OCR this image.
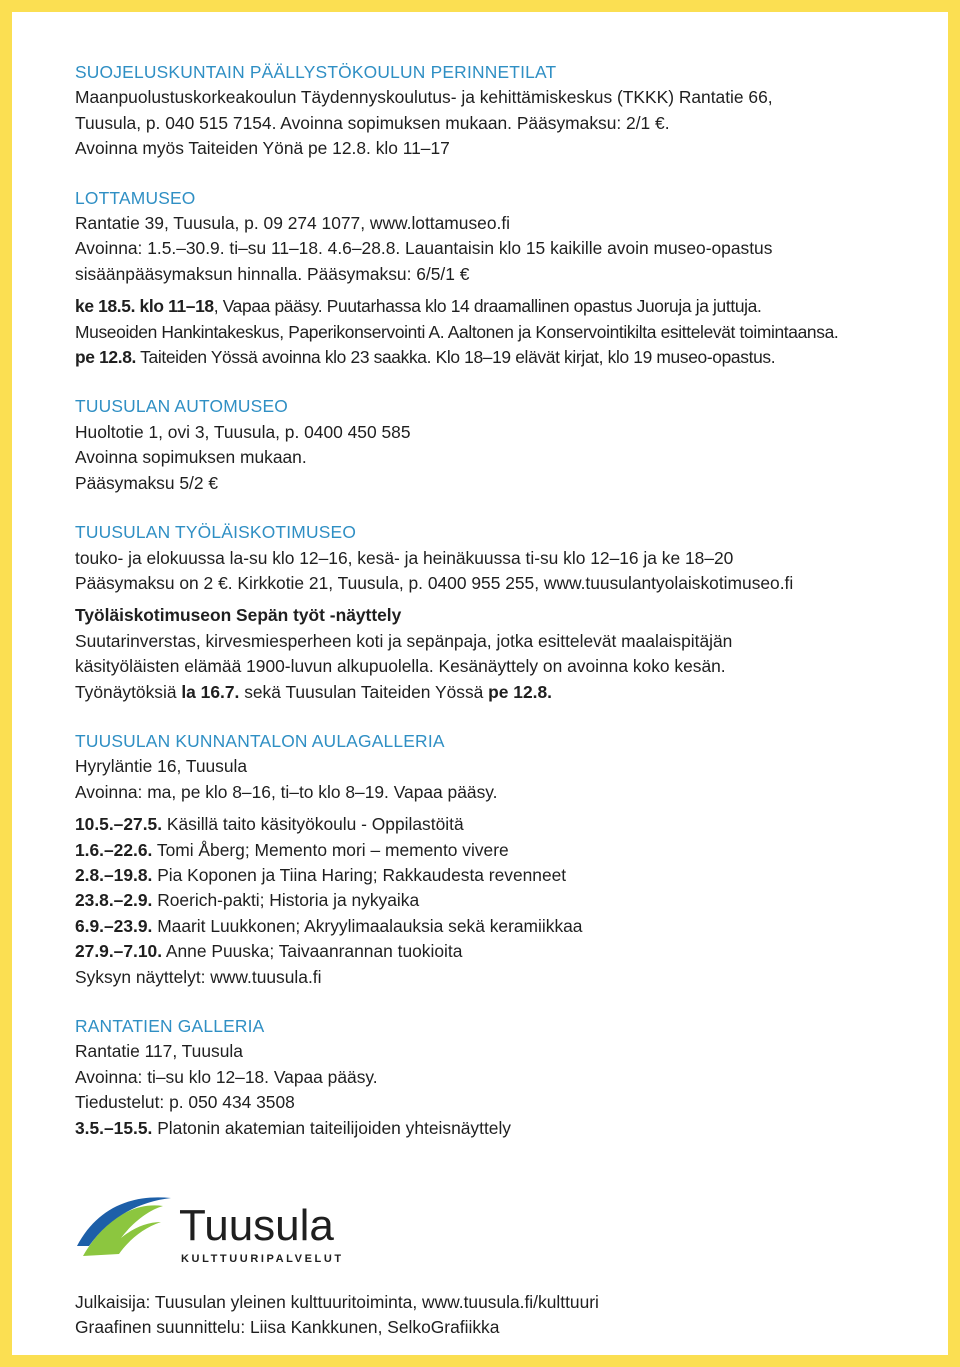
SUOJELUSKUNTAIN PÄÄLLYSTÖKOULUN PERINNETILAT
Maanpuolustuskorkeakoulun Täydennyskoulutus- ja kehittämiskeskus (TKKK) Rantatie 66,
Tuusula, p. 040 515 7154. Avoinna sopimuksen mukaan. Pääsymaksu: 2/1 €.
Avoinna myös Taiteiden Yönä pe 12.8. klo 11–17
LOTTAMUSEO
Rantatie 39, Tuusula, p. 09 274 1077, www.lottamuseo.fi
Avoinna: 1.5.–30.9. ti–su 11–18. 4.6–28.8. Lauantaisin klo 15 kaikille avoin museo-opastus
sisäänpääsymaksun hinnalla. Pääsymaksu: 6/5/1 €
ke 18.5. klo 11–18, Vapaa pääsy. Puutarhassa klo 14 draamallinen opastus Juoruja ja juttuja.
Museoiden Hankintakeskus, Paperikonservointi A. Aaltonen ja Konservointikilta esittelevät toimintaansa.
pe 12.8. Taiteiden Yössä avoinna klo 23 saakka. Klo 18–19 elävät kirjat, klo 19 museo-opastus.
TUUSULAN AUTOMUSEO
Huoltotie 1, ovi 3, Tuusula, p. 0400 450 585
Avoinna sopimuksen mukaan.
Pääsymaksu 5/2 €
TUUSULAN TYÖLÄISKOTIMUSEO
touko- ja elokuussa la-su klo 12–16, kesä- ja heinäkuussa ti-su klo 12–16 ja ke 18–20
Pääsymaksu on 2 €. Kirkkotie 21, Tuusula, p. 0400 955 255, www.tuusulantyolaiskotimuseo.fi
Työläiskotimuseon Sepän työt -näyttely
Suutarinverstas, kirvesmiesperheen koti ja sepänpaja, jotka esittelevät maalaispitäjän
käsityöläisten elämää 1900-luvun alkupuolella. Kesänäyttely on avoinna koko kesän.
Työnäytöksiä la 16.7. sekä Tuusulan Taiteiden Yössä pe 12.8.
TUUSULAN KUNNANTALON AULAGALLERIA
Hyryläntie 16, Tuusula
Avoinna: ma, pe klo 8–16, ti–to klo 8–19. Vapaa pääsy.
10.5.–27.5. Käsillä taito käsityökoulu - Oppilastöitä
1.6.–22.6. Tomi Åberg; Memento mori – memento vivere
2.8.–19.8. Pia Koponen ja Tiina Haring; Rakkaudesta revenneet
23.8.–2.9. Roerich-pakti; Historia ja nykyaika
6.9.–23.9. Maarit Luukkonen; Akryylimaalauksia sekä keramiikkaa
27.9.–7.10. Anne Puuska; Taivaanrannan tuokioita
Syksyn näyttelyt: www.tuusula.fi
RANTATIEN GALLERIA
Rantatie 117, Tuusula
Avoinna: ti–su klo 12–18. Vapaa pääsy.
Tiedustelut: p. 050 434 3508
3.5.–15.5. Platonin akatemian taiteilijoiden yhteisnäyttely
Tuusula
KULTTUURIPALVELUT
Julkaisija: Tuusulan yleinen kulttuuritoiminta, www.tuusula.fi/kulttuuri
Graafinen suunnittelu: Liisa Kankkunen, SelkoGrafiikka
